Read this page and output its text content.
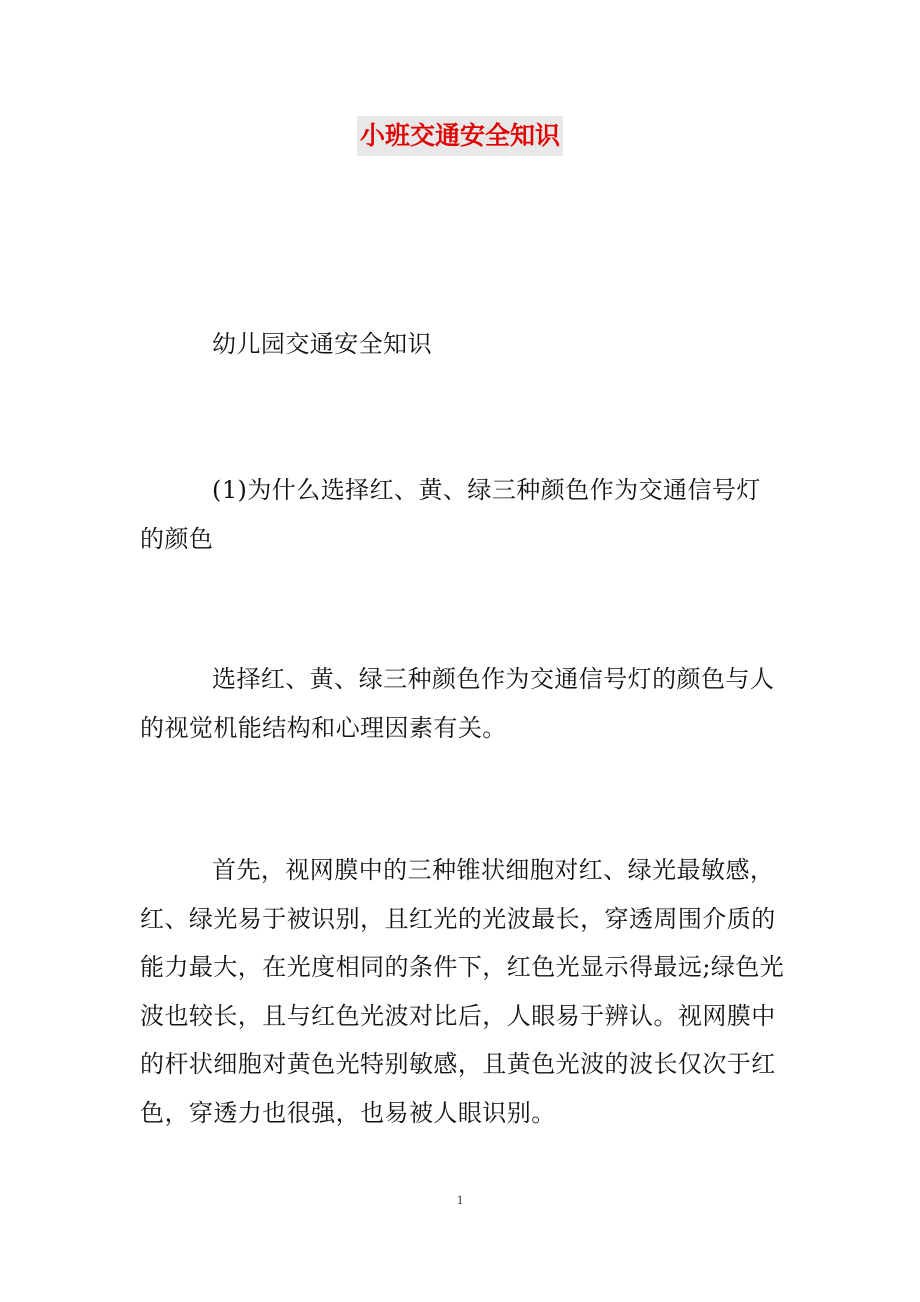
小班交通安全知识

幼儿园交通安全知识

(1)为什么选择红、黄、绿三种颜色作为交通信号灯的颜色

选择红、黄、绿三种颜色作为交通信号灯的颜色与人的视觉机能结构和心理因素有关。

首先，视网膜中的三种锥状细胞对红、绿光最敏感，红、绿光易于被识别，且红光的光波最长，穿透周围介质的能力最大，在光度相同的条件下，红色光显示得最远;绿色光波也较长，且与红色光波对比后，人眼易于辨认。视网膜中的杆状细胞对黄色光特别敏感，且黄色光波的波长仅次于红色，穿透力也很强，也易被人眼识别。

1
